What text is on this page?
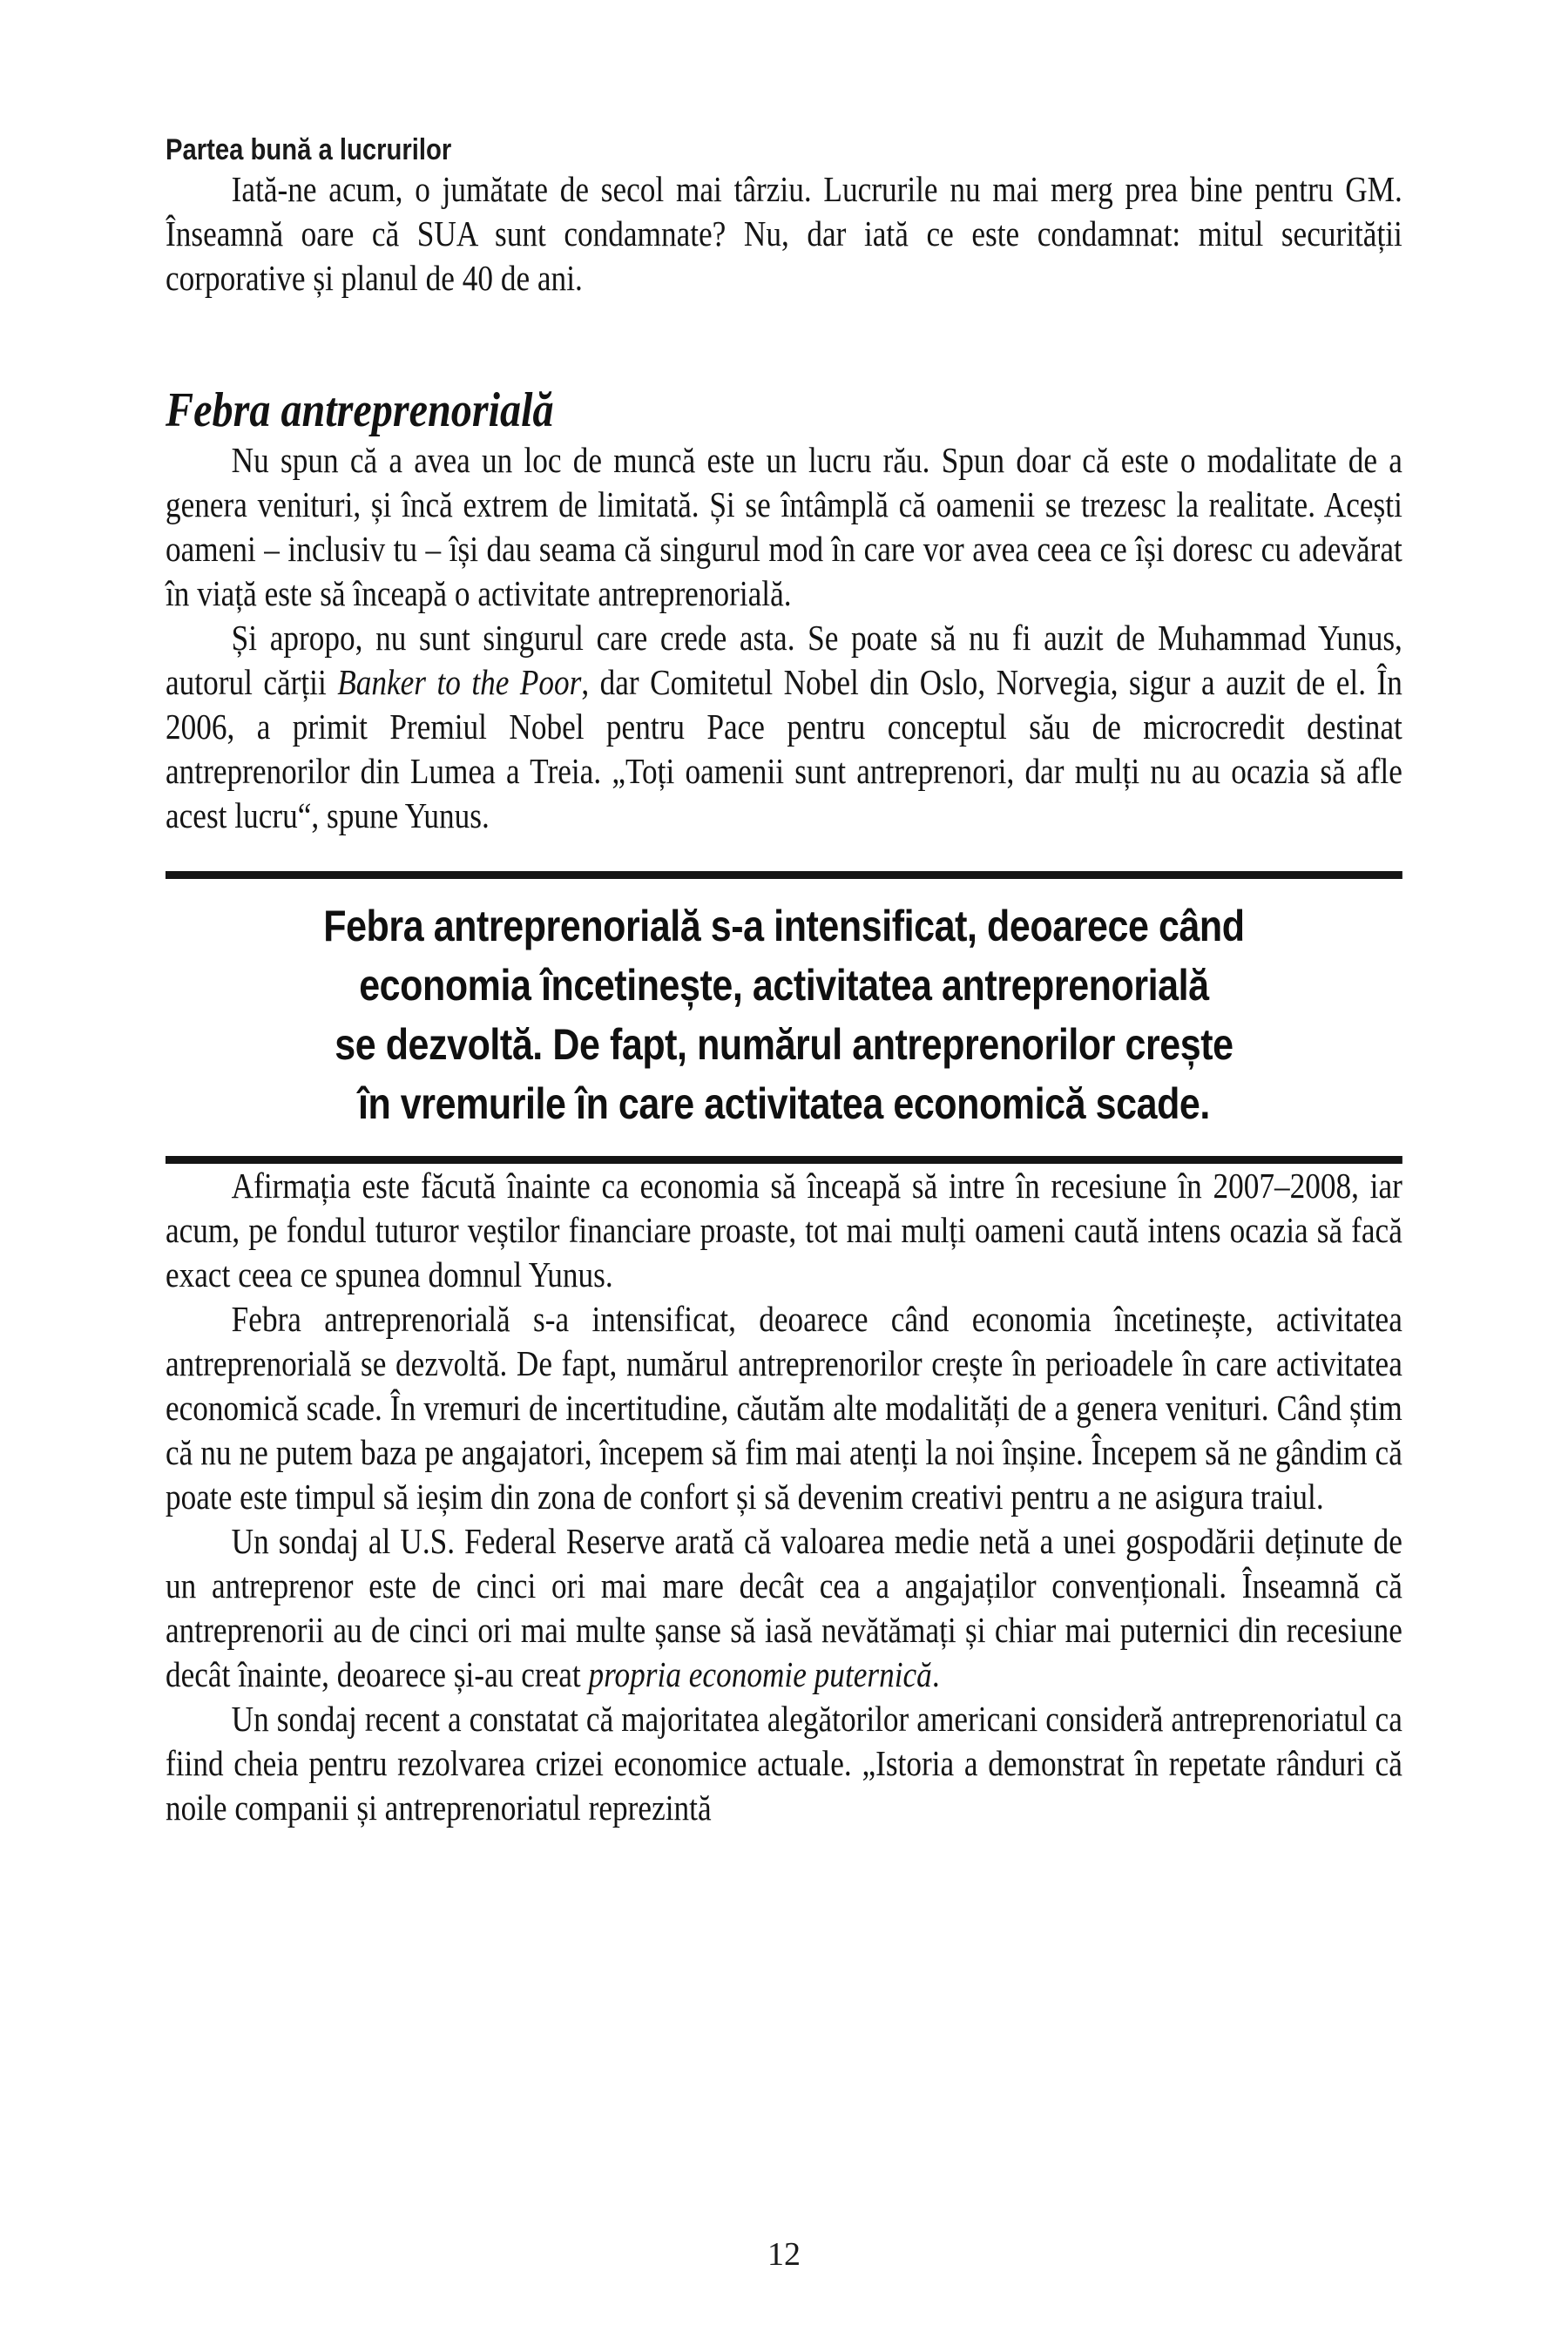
Partea bună a lucrurilor

Iată-ne acum, o jumătate de secol mai târziu. Lucrurile nu mai merg prea bine pentru GM. Înseamnă oare că SUA sunt condamnate? Nu, dar iată ce este condamnat: mitul securității corporative și planul de 40 de ani.

Febra antreprenorială

Nu spun că a avea un loc de muncă este un lucru rău. Spun doar că este o modalitate de a genera venituri, și încă extrem de limitată. Și se întâmplă că oamenii se trezesc la realitate. Acești oameni – inclusiv tu – își dau seama că singurul mod în care vor avea ceea ce își doresc cu adevărat în viață este să înceapă o activitate antreprenorială.

Și apropo, nu sunt singurul care crede asta. Se poate să nu fi auzit de Muhammad Yunus, autorul cărții Banker to the Poor, dar Comitetul Nobel din Oslo, Norvegia, sigur a auzit de el. În 2006, a primit Premiul Nobel pentru Pace pentru conceptul său de microcredit destinat antreprenorilor din Lumea a Treia. „Toți oamenii sunt antreprenori, dar mulți nu au ocazia să afle acest lucru“, spune Yunus.

Febra antreprenorială s-a intensificat, deoarece când
economia încetinește, activitatea antreprenorială
se dezvoltă. De fapt, numărul antreprenorilor crește
în vremurile în care activitatea economică scade.

Afirmația este făcută înainte ca economia să înceapă să intre în recesiune în 2007–2008, iar acum, pe fondul tuturor veștilor financiare proaste, tot mai mulți oameni caută intens ocazia să facă exact ceea ce spunea domnul Yunus.

Febra antreprenorială s-a intensificat, deoarece când economia încetinește, activitatea antreprenorială se dezvoltă. De fapt, numărul antreprenorilor crește în perioadele în care activitatea economică scade. În vremuri de incertitudine, căutăm alte modalități de a genera venituri. Când știm că nu ne putem baza pe angajatori, începem să fim mai atenți la noi înșine. Începem să ne gândim că poate este timpul să ieșim din zona de confort și să devenim creativi pentru a ne asigura traiul.

Un sondaj al U.S. Federal Reserve arată că valoarea medie netă a unei gospodării deținute de un antreprenor este de cinci ori mai mare decât cea a angajaților convenționali. Înseamnă că antreprenorii au de cinci ori mai multe șanse să iasă nevătămați și chiar mai puternici din recesiune decât înainte, deoarece și-au creat propria economie puternică.

Un sondaj recent a constatat că majoritatea alegătorilor americani consideră antreprenoriatul ca fiind cheia pentru rezolvarea crizei economice actuale. „Istoria a demonstrat în repetate rânduri că noile companii și antreprenoriatul reprezintă

12
